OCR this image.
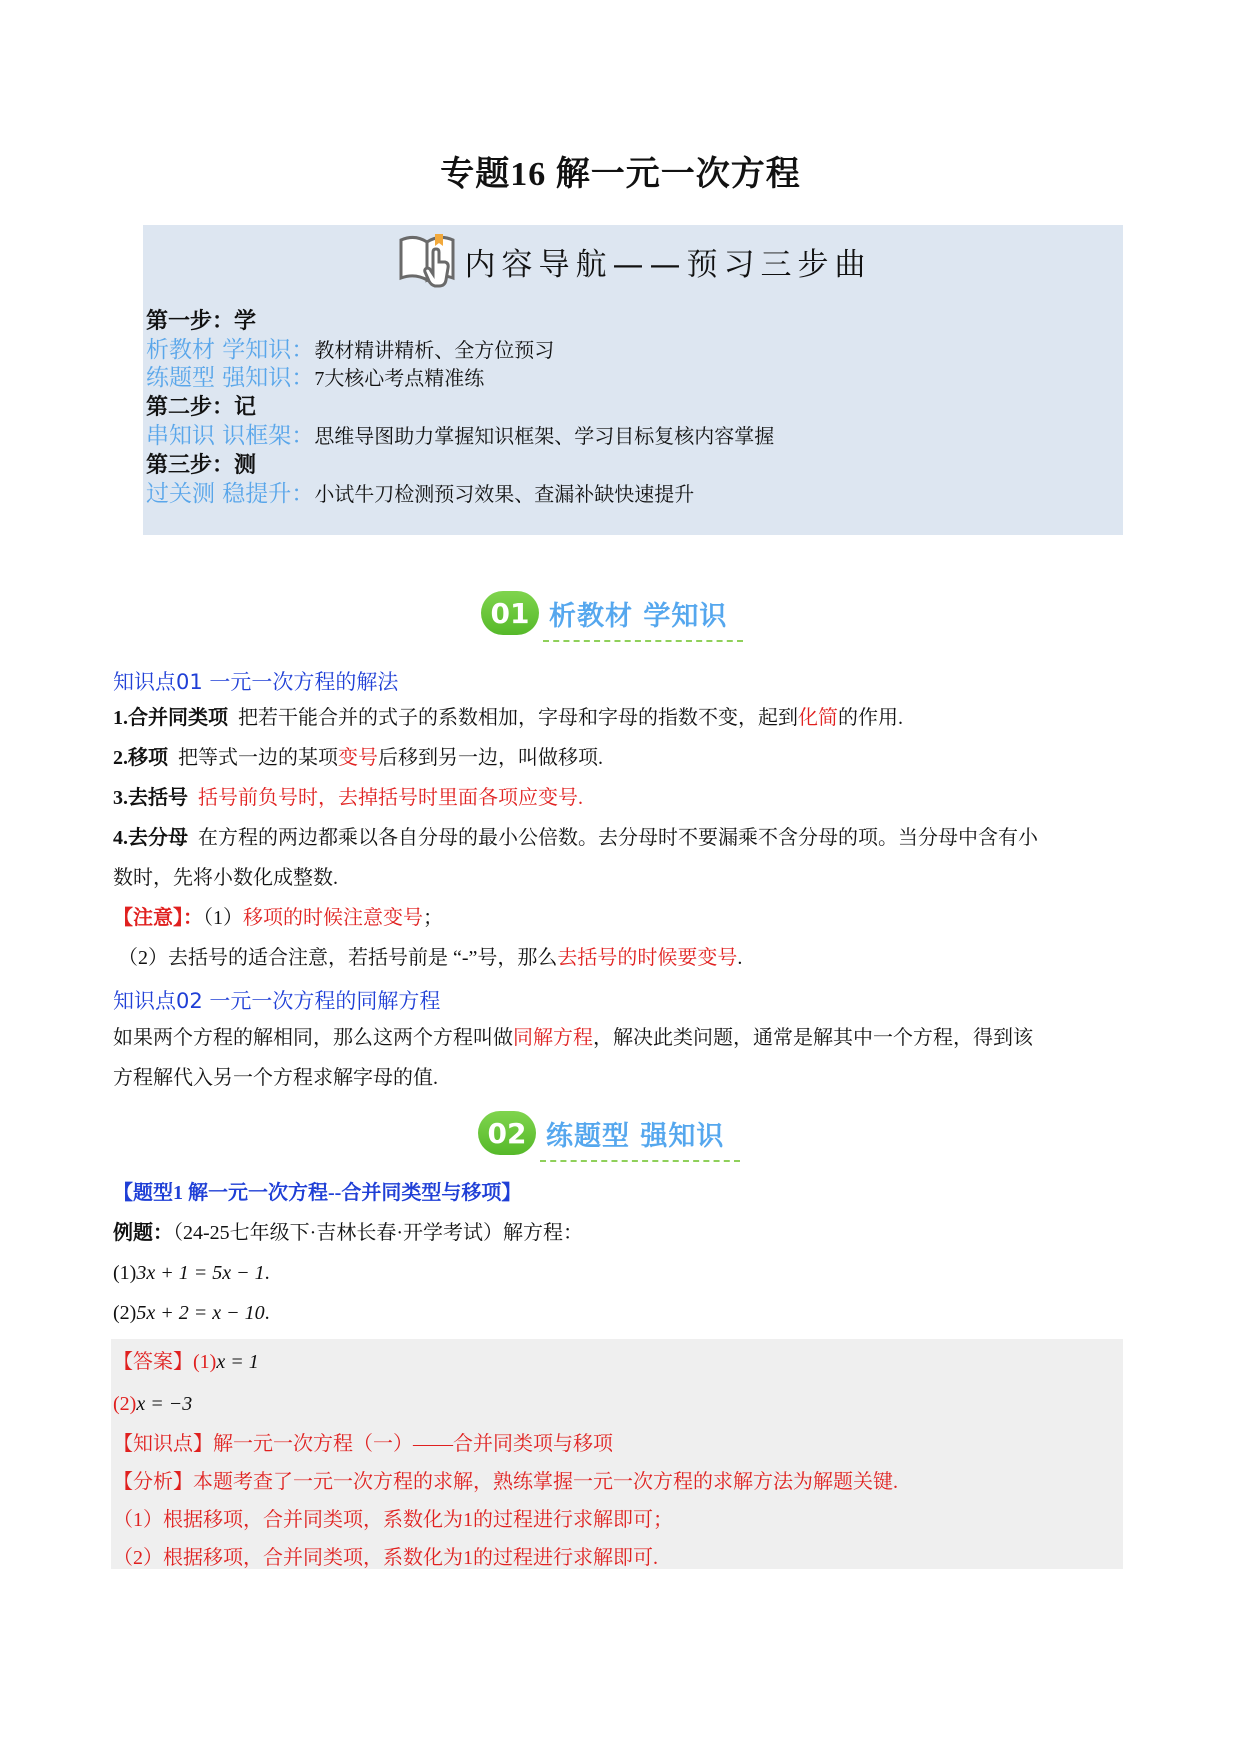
专题16 解一元一次方程
内容导航——预习三步曲
第一步：学
析教材 学知识：教材精讲精析、全方位预习
练题型 强知识：7大核心考点精准练
第二步：记
串知识 识框架：思维导图助力掌握知识框架、学习目标复核内容掌握
第三步：测
过关测 稳提升：小试牛刀检测预习效果、查漏补缺快速提升
01 析教材 学知识
知识点01 一元一次方程的解法
1.合并同类项 把若干能合并的式子的系数相加，字母和字母的指数不变，起到化简的作用.
2.移项 把等式一边的某项变号后移到另一边，叫做移项.
3.去括号 括号前负号时，去掉括号时里面各项应变号.
4.去分母 在方程的两边都乘以各自分母的最小公倍数。去分母时不要漏乘不含分母的项。当分母中含有小
数时，先将小数化成整数.
【注意】：（1）移项的时候注意变号；
（2）去括号的适合注意，若括号前是 “-”号，那么去括号的时候要变号.
知识点02 一元一次方程的同解方程
如果两个方程的解相同，那么这两个方程叫做同解方程，解决此类问题，通常是解其中一个方程，得到该
方程解代入另一个方程求解字母的值.
02 练题型 强知识
【题型1 解一元一次方程--合并同类型与移项】
例题：（24-25七年级下·吉林长春·开学考试）解方程：
(1)3x + 1 = 5x − 1.
(2)5x + 2 = x − 10.
【答案】(1)x = 1
(2)x = −3
【知识点】解一元一次方程（一）——合并同类项与移项
【分析】本题考查了一元一次方程的求解，熟练掌握一元一次方程的求解方法为解题关键.
（1）根据移项，合并同类项，系数化为1的过程进行求解即可；
（2）根据移项，合并同类项，系数化为1的过程进行求解即可.
